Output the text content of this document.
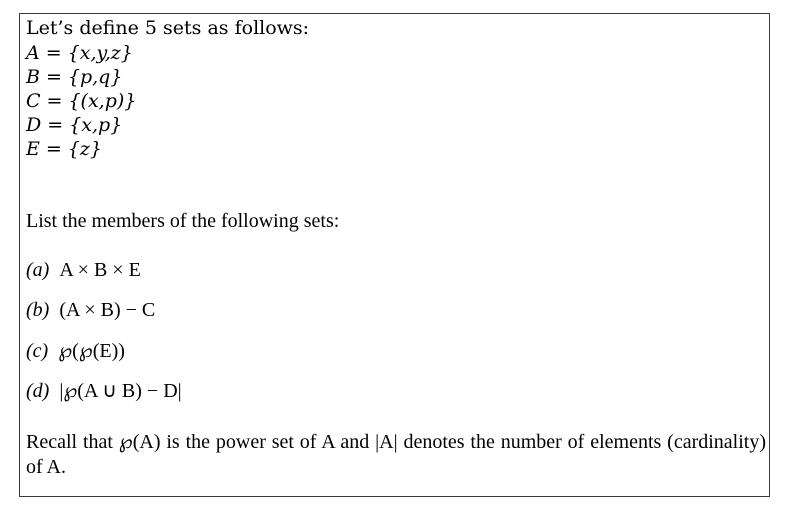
Let’s define 5 sets as follows:
A = {x,y,z}
B = {p,q}
C = {(x,p)}
D = {x,p}
E = {z}
List the members of the following sets:
(a) A × B × E
(b) (A × B) − C
(c) ℘(℘(E))
(d) |℘(A ∪ B) − D|
Recall that ℘(A) is the power set of A and |A| denotes the number of elements (cardinality) of A.
